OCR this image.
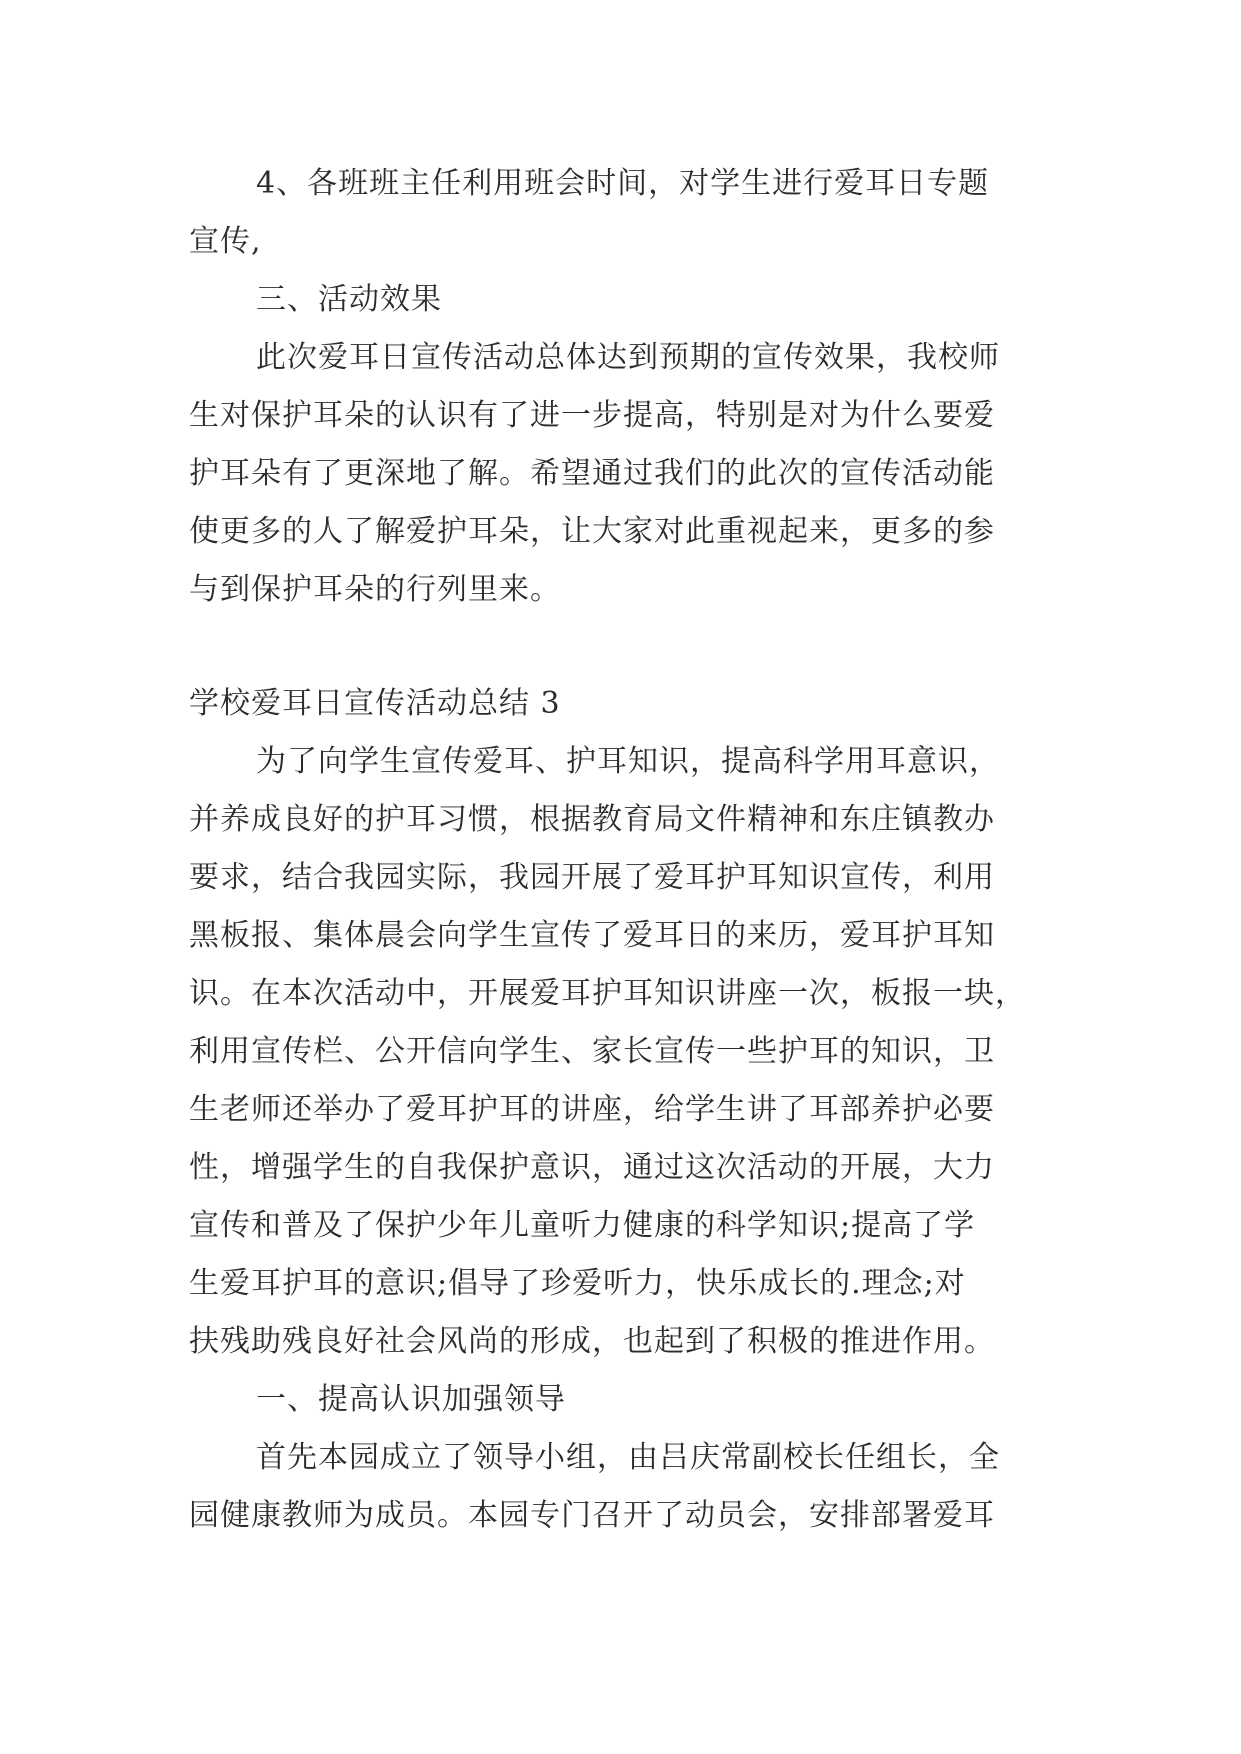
4、各班班主任利用班会时间，对学生进行爱耳日专题
宣传,
三、活动效果
此次爱耳日宣传活动总体达到预期的宣传效果，我校师
生对保护耳朵的认识有了进一步提高，特别是对为什么要爱
护耳朵有了更深地了解。希望通过我们的此次的宣传活动能
使更多的人了解爱护耳朵，让大家对此重视起来，更多的参
与到保护耳朵的行列里来。
学校爱耳日宣传活动总结 3
为了向学生宣传爱耳、护耳知识，提高科学用耳意识，
并养成良好的护耳习惯，根据教育局文件精神和东庄镇教办
要求，结合我园实际，我园开展了爱耳护耳知识宣传，利用
黑板报、集体晨会向学生宣传了爱耳日的来历，爱耳护耳知
识。在本次活动中，开展爱耳护耳知识讲座一次，板报一块，
利用宣传栏、公开信向学生、家长宣传一些护耳的知识，卫
生老师还举办了爱耳护耳的讲座，给学生讲了耳部养护必要
性，增强学生的自我保护意识，通过这次活动的开展，大力
宣传和普及了保护少年儿童听力健康的科学知识;提高了学
生爱耳护耳的意识;倡导了珍爱听力，快乐成长的.理念;对
扶残助残良好社会风尚的形成，也起到了积极的推进作用。
一、提高认识加强领导
首先本园成立了领导小组，由吕庆常副校长任组长，全
园健康教师为成员。本园专门召开了动员会，安排部署爱耳
